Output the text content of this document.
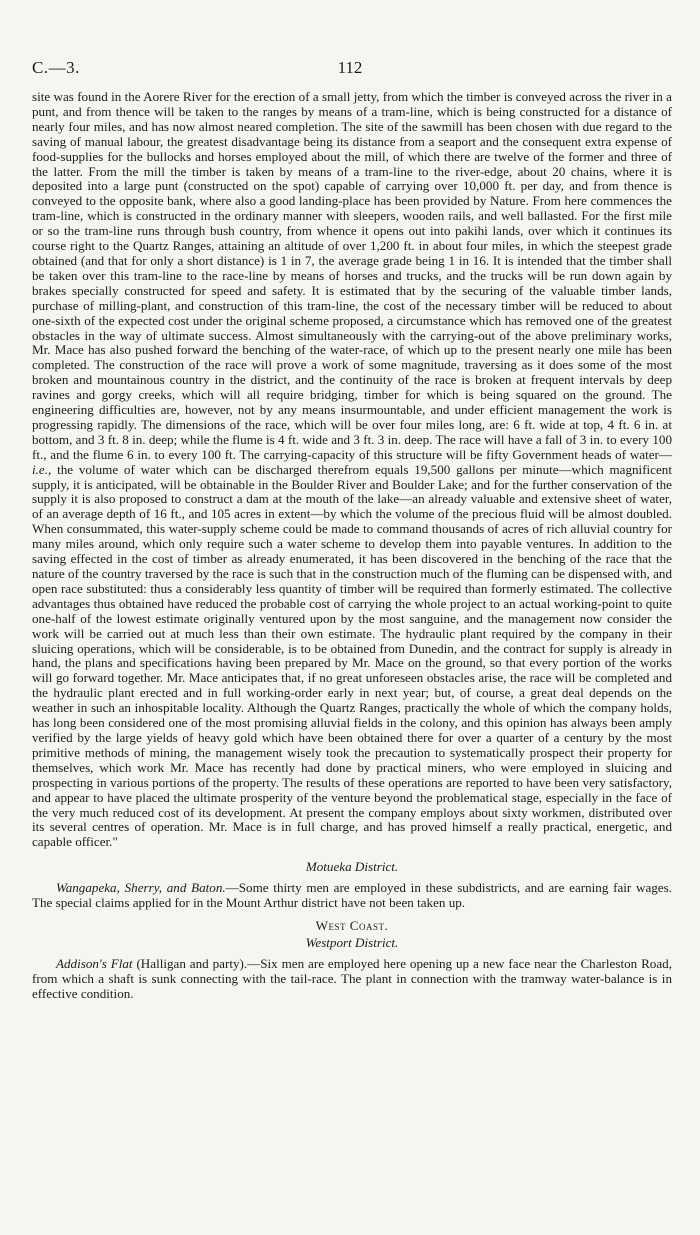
C.—3.	112

site was found in the Aorere River for the erection of a small jetty, from which the timber is conveyed across the river in a punt, and from thence will be taken to the ranges by means of a tram-line, which is being constructed for a distance of nearly four miles, and has now almost neared completion. The site of the sawmill has been chosen with due regard to the saving of manual labour, the greatest disadvantage being its distance from a seaport and the consequent extra expense of food-supplies for the bullocks and horses employed about the mill, of which there are twelve of the former and three of the latter. From the mill the timber is taken by means of a tram-line to the river-edge, about 20 chains, where it is deposited into a large punt (constructed on the spot) capable of carrying over 10,000 ft. per day, and from thence is conveyed to the opposite bank, where also a good landing-place has been provided by Nature. From here commences the tram-line, which is constructed in the ordinary manner with sleepers, wooden rails, and well ballasted. For the first mile or so the tram-line runs through bush country, from whence it opens out into pakihi lands, over which it continues its course right to the Quartz Ranges, attaining an altitude of over 1,200 ft. in about four miles, in which the steepest grade obtained (and that for only a short distance) is 1 in 7, the average grade being 1 in 16. It is intended that the timber shall be taken over this tram-line to the race-line by means of horses and trucks, and the trucks will be run down again by brakes specially constructed for speed and safety. It is estimated that by the securing of the valuable timber lands, purchase of milling-plant, and construction of this tram-line, the cost of the necessary timber will be reduced to about one-sixth of the expected cost under the original scheme proposed, a circumstance which has removed one of the greatest obstacles in the way of ultimate success. Almost simultaneously with the carrying-out of the above preliminary works, Mr. Mace has also pushed forward the benching of the water-race, of which up to the present nearly one mile has been completed. The construction of the race will prove a work of some magnitude, traversing as it does some of the most broken and mountainous country in the district, and the continuity of the race is broken at frequent intervals by deep ravines and gorgy creeks, which will all require bridging, timber for which is being squared on the ground. The engineering difficulties are, however, not by any means insurmountable, and under efficient management the work is progressing rapidly. The dimensions of the race, which will be over four miles long, are: 6 ft. wide at top, 4 ft. 6 in. at bottom, and 3 ft. 8 in. deep; while the flume is 4 ft. wide and 3 ft. 3 in. deep. The race will have a fall of 3 in. to every 100 ft., and the flume 6 in. to every 100 ft. The carrying-capacity of this structure will be fifty Government heads of water—i.e., the volume of water which can be discharged therefrom equals 19,500 gallons per minute—which magnificent supply, it is anticipated, will be obtainable in the Boulder River and Boulder Lake; and for the further conservation of the supply it is also proposed to construct a dam at the mouth of the lake—an already valuable and extensive sheet of water, of an average depth of 16 ft., and 105 acres in extent—by which the volume of the precious fluid will be almost doubled. When consummated, this water-supply scheme could be made to command thousands of acres of rich alluvial country for many miles around, which only require such a water scheme to develop them into payable ventures. In addition to the saving effected in the cost of timber as already enumerated, it has been discovered in the benching of the race that the nature of the country traversed by the race is such that in the construction much of the fluming can be dispensed with, and open race substituted: thus a considerably less quantity of timber will be required than formerly estimated. The collective advantages thus obtained have reduced the probable cost of carrying the whole project to an actual working-point to quite one-half of the lowest estimate originally ventured upon by the most sanguine, and the management now consider the work will be carried out at much less than their own estimate. The hydraulic plant required by the company in their sluicing operations, which will be considerable, is to be obtained from Dunedin, and the contract for supply is already in hand, the plans and specifications having been prepared by Mr. Mace on the ground, so that every portion of the works will go forward together. Mr. Mace anticipates that, if no great unforeseen obstacles arise, the race will be completed and the hydraulic plant erected and in full working-order early in next year; but, of course, a great deal depends on the weather in such an inhospitable locality. Although the Quartz Ranges, practically the whole of which the company holds, has long been considered one of the most promising alluvial fields in the colony, and this opinion has always been amply verified by the large yields of heavy gold which have been obtained there for over a quarter of a century by the most primitive methods of mining, the management wisely took the precaution to systematically prospect their property for themselves, which work Mr. Mace has recently had done by practical miners, who were employed in sluicing and prospecting in various portions of the property. The results of these operations are reported to have been very satisfactory, and appear to have placed the ultimate prosperity of the venture beyond the problematical stage, especially in the face of the very much reduced cost of its development. At present the company employs about sixty workmen, distributed over its several centres of operation. Mr. Mace is in full charge, and has proved himself a really practical, energetic, and capable officer."

Motueka District.

Wangapeka, Sherry, and Baton.—Some thirty men are employed in these subdistricts, and are earning fair wages. The special claims applied for in the Mount Arthur district have not been taken up.

West Coast.
Westport District.

Addison's Flat (Halligan and party).—Six men are employed here opening up a new face near the Charleston Road, from which a shaft is sunk connecting with the tail-race. The plant in connection with the tramway water-balance is in effective condition.
